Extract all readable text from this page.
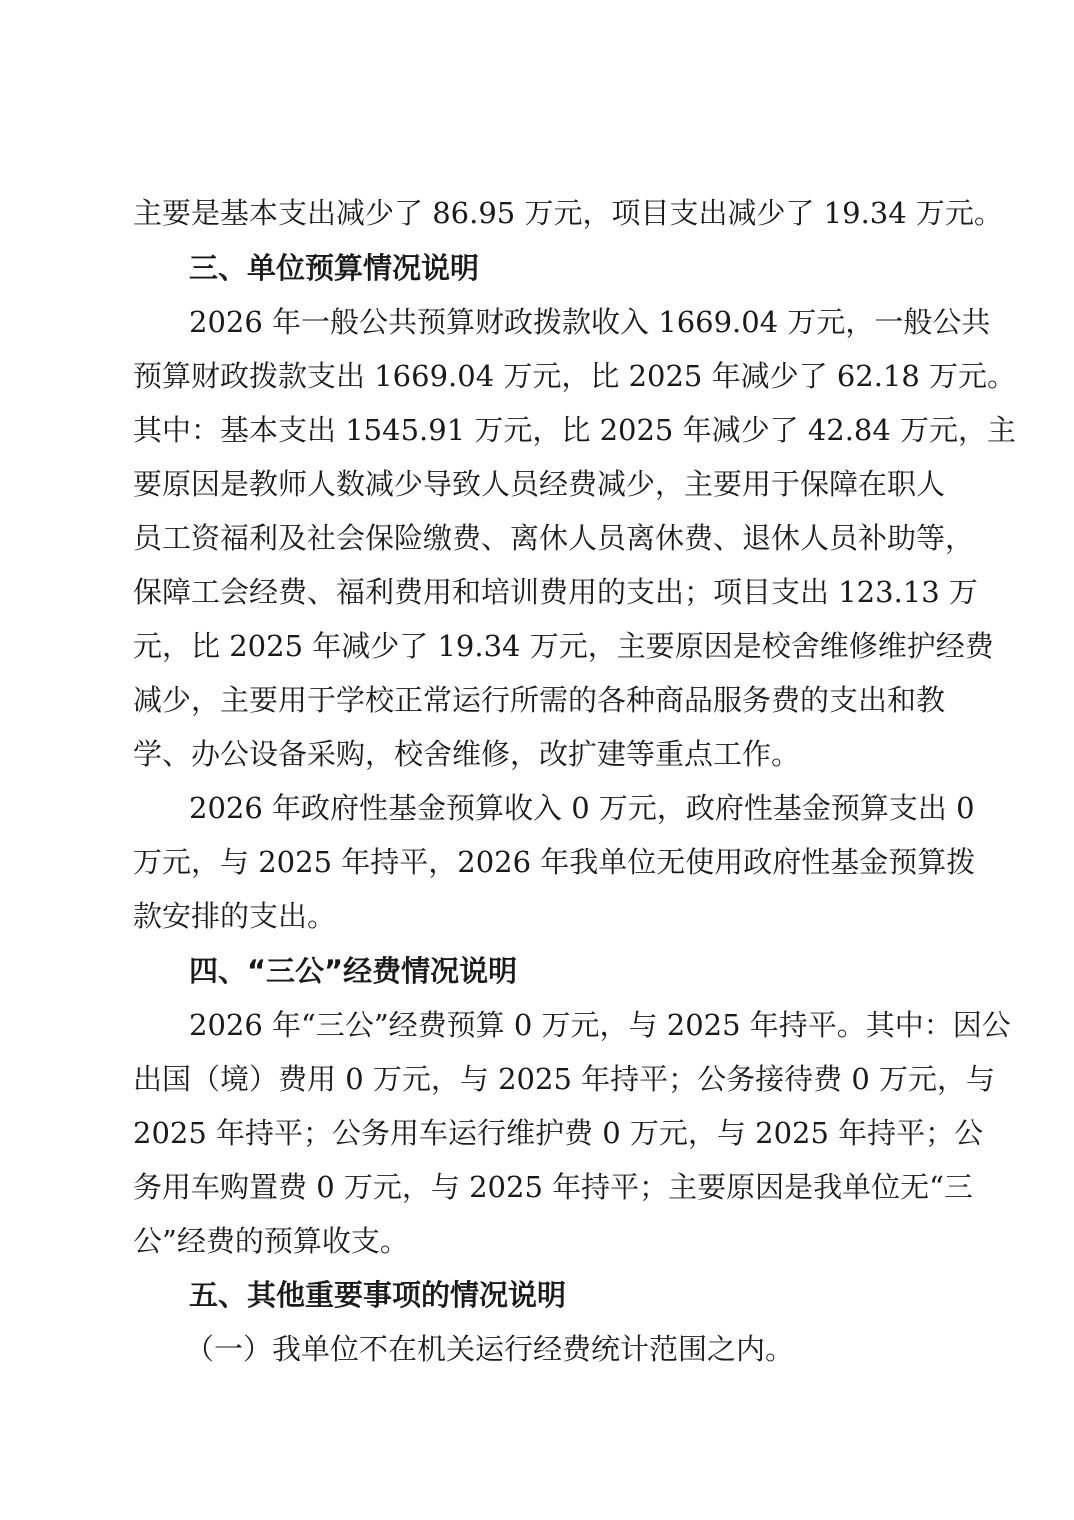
主要是基本支出减少了 86.95 万元，项目支出减少了 19.34 万元。
三、单位预算情况说明
2026 年一般公共预算财政拨款收入 1669.04 万元，一般公共
预算财政拨款支出 1669.04 万元，比 2025 年减少了 62.18 万元。
其中：基本支出 1545.91 万元，比 2025 年减少了 42.84 万元，主
要原因是教师人数减少导致人员经费减少，主要用于保障在职人
员工资福利及社会保险缴费、离休人员离休费、退休人员补助等，
保障工会经费、福利费用和培训费用的支出；项目支出 123.13 万
元，比 2025 年减少了 19.34 万元，主要原因是校舍维修维护经费
减少，主要用于学校正常运行所需的各种商品服务费的支出和教
学、办公设备采购，校舍维修，改扩建等重点工作。
2026 年政府性基金预算收入 0 万元，政府性基金预算支出 0
万元，与 2025 年持平，2026 年我单位无使用政府性基金预算拨
款安排的支出。
四、“三公”经费情况说明
2026 年“三公”经费预算 0 万元，与 2025 年持平。其中：因公
出国（境）费用 0 万元，与 2025 年持平；公务接待费 0 万元，与
2025 年持平；公务用车运行维护费 0 万元，与 2025 年持平；公
务用车购置费 0 万元，与 2025 年持平；主要原因是我单位无“三
公”经费的预算收支。
五、其他重要事项的情况说明
（一）我单位不在机关运行经费统计范围之内。
